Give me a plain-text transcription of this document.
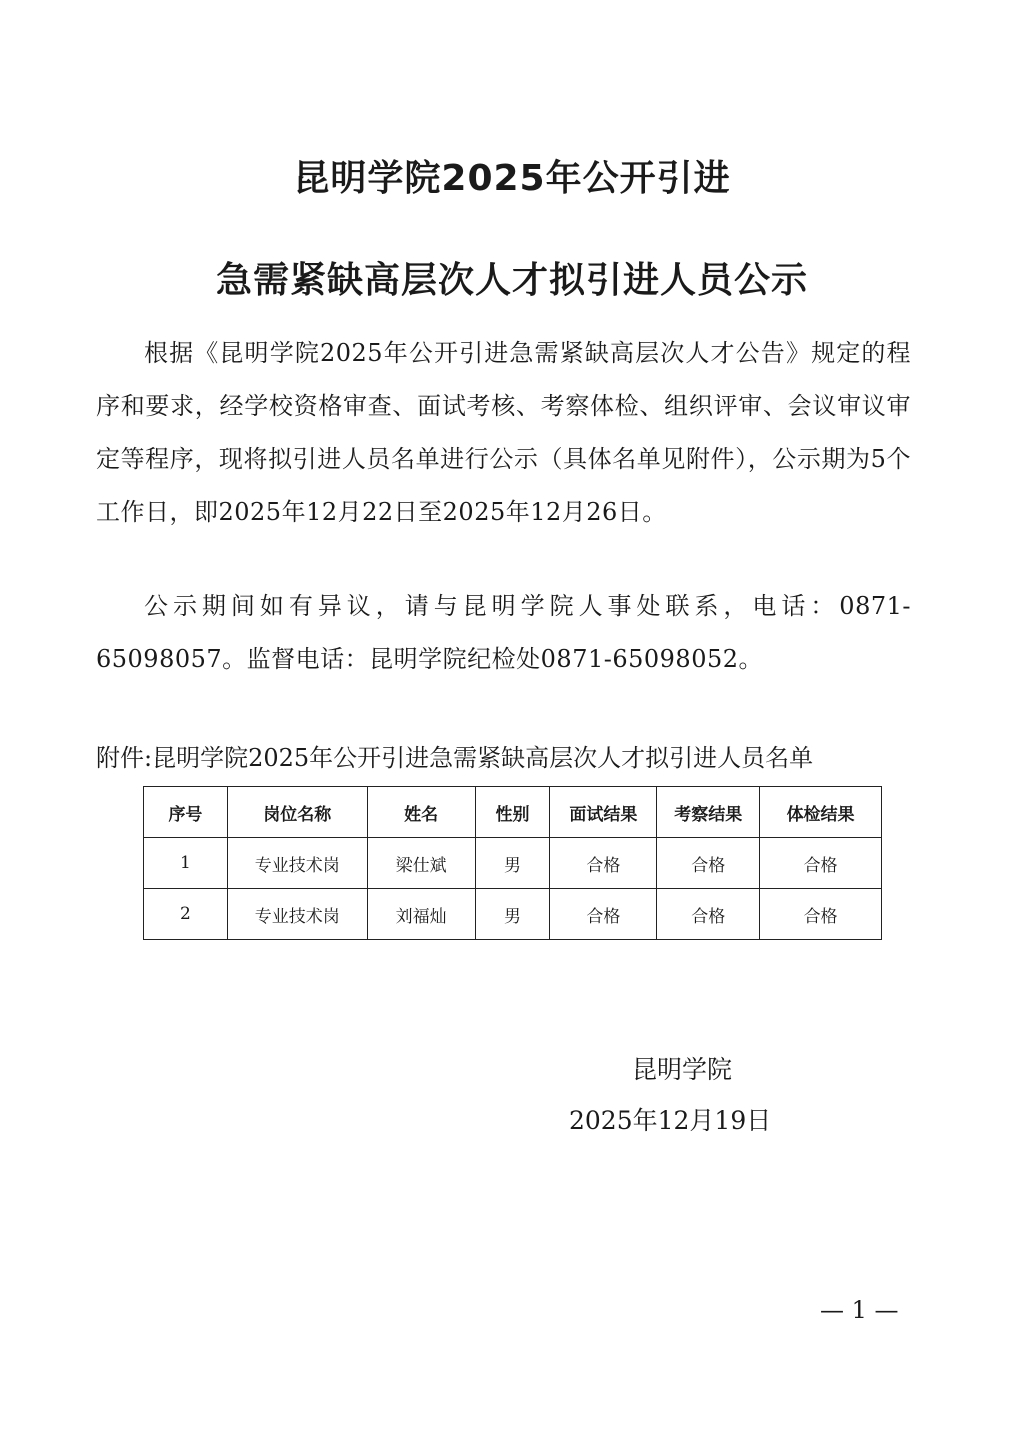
昆明学院2025年公开引进
急需紧缺高层次人才拟引进人员公示

根据《昆明学院2025年公开引进急需紧缺高层次人才公告》规定的程序和要求，经学校资格审查、面试考核、考察体检、组织评审、会议审议审定等程序，现将拟引进人员名单进行公示（具体名单见附件），公示期为5个工作日，即2025年12月22日至2025年12月26日。

公示期间如有异议，请与昆明学院人事处联系，电话：0871-65098057。监督电话：昆明学院纪检处0871-65098052。

附件:昆明学院2025年公开引进急需紧缺高层次人才拟引进人员名单

序号	岗位名称	姓名	性别	面试结果	考察结果	体检结果
1	专业技术岗	梁仕斌	男	合格	合格	合格
2	专业技术岗	刘福灿	男	合格	合格	合格

昆明学院

2025年12月19日

— 1 —
